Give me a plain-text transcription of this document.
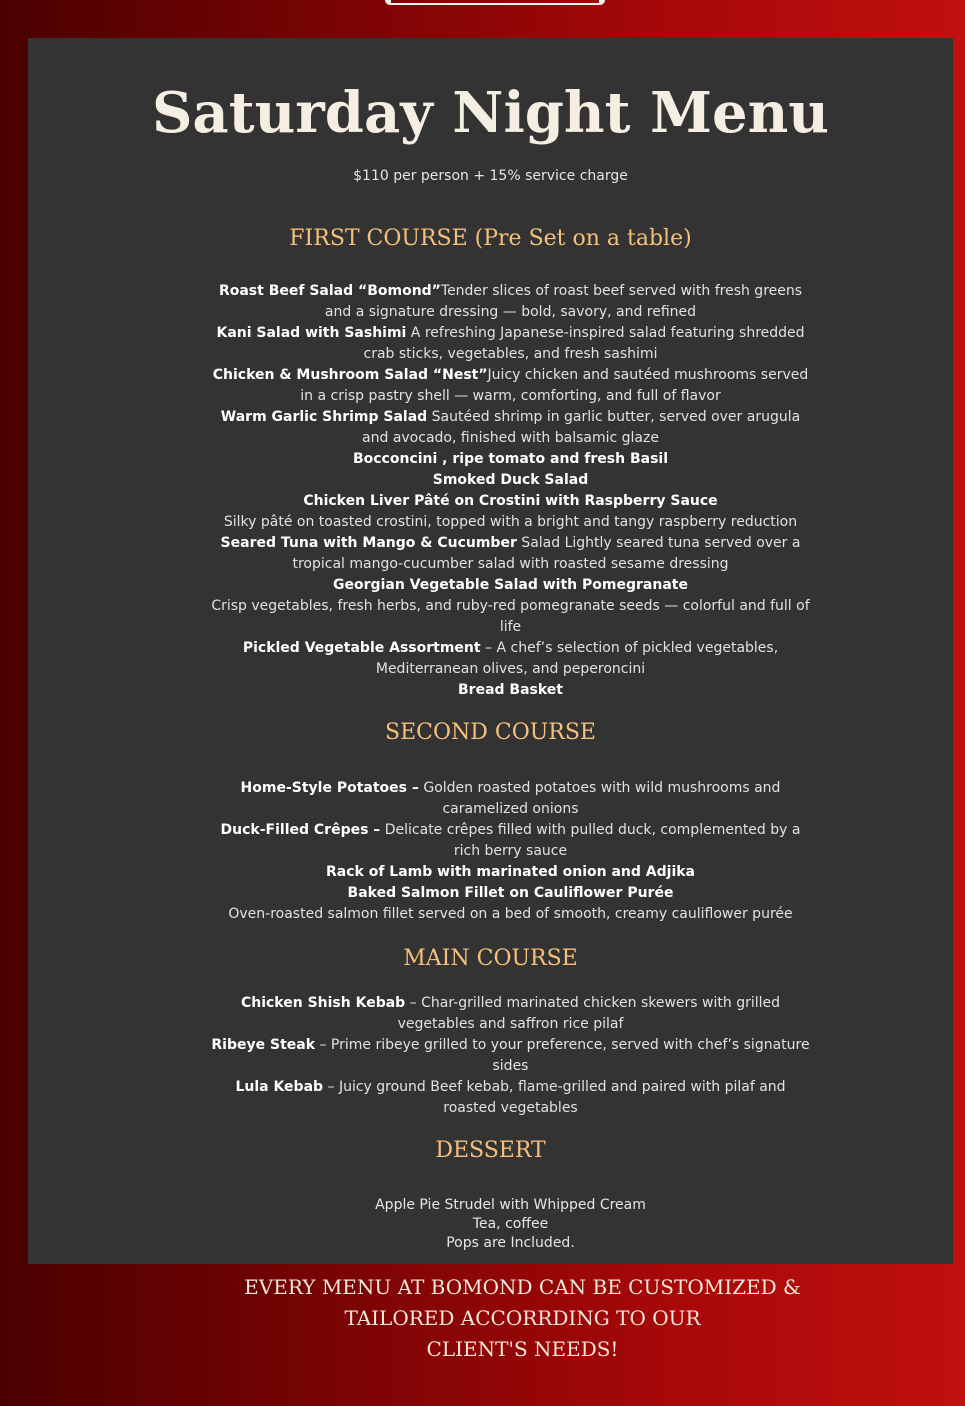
Saturday Night Menu
$110 per person + 15% service charge
FIRST COURSE (Pre Set on a table)

Roast Beef Salad “Bomond”Tender slices of roast beef served with fresh greens and a signature dressing — bold, savory, and refined

Kani Salad with Sashimi A refreshing Japanese-inspired salad featuring shredded crab sticks, vegetables, and fresh sashimi

Chicken & Mushroom Salad “Nest”Juicy chicken and sautéed mushrooms served in a crisp pastry shell — warm, comforting, and full of flavor

Warm Garlic Shrimp Salad Sautéed shrimp in garlic butter, served over arugula and avocado, finished with balsamic glaze

Bocconcini , ripe tomato and fresh Basil

Smoked Duck Salad

Chicken Liver Pâté on Crostini with Raspberry Sauce

Silky pâté on toasted crostini, topped with a bright and tangy raspberry reduction

Seared Tuna with Mango & Cucumber Salad Lightly seared tuna served over a tropical mango-cucumber salad with roasted sesame dressing

Georgian Vegetable Salad with Pomegranate

Crisp vegetables, fresh herbs, and ruby-red pomegranate seeds — colorful and full of life

Pickled Vegetable Assortment – A chef’s selection of pickled vegetables, Mediterranean olives, and peperoncini

Bread Basket

SECOND COURSE

Home-Style Potatoes – Golden roasted potatoes with wild mushrooms and caramelized onions

Duck-Filled Crêpes – Delicate crêpes filled with pulled duck, complemented by a rich berry sauce

Rack of Lamb with marinated onion and Adjika

Baked Salmon Fillet on Cauliflower Purée

Oven-roasted salmon fillet served on a bed of smooth, creamy cauliflower purée

MAIN COURSE

Chicken Shish Kebab – Char-grilled marinated chicken skewers with grilled vegetables and saffron rice pilaf

Ribeye Steak – Prime ribeye grilled to your preference, served with chef’s signature sides

Lula Kebab – Juicy ground Beef kebab, flame-grilled and paired with pilaf and roasted vegetables

DESSERT
Apple Pie Strudel with Whipped Cream
Tea, coffee
Pops are Included.
EVERY MENU AT BOMOND CAN BE CUSTOMIZED &
TAILORED ACCORRDING TO OUR
CLIENT'S NEEDS!
